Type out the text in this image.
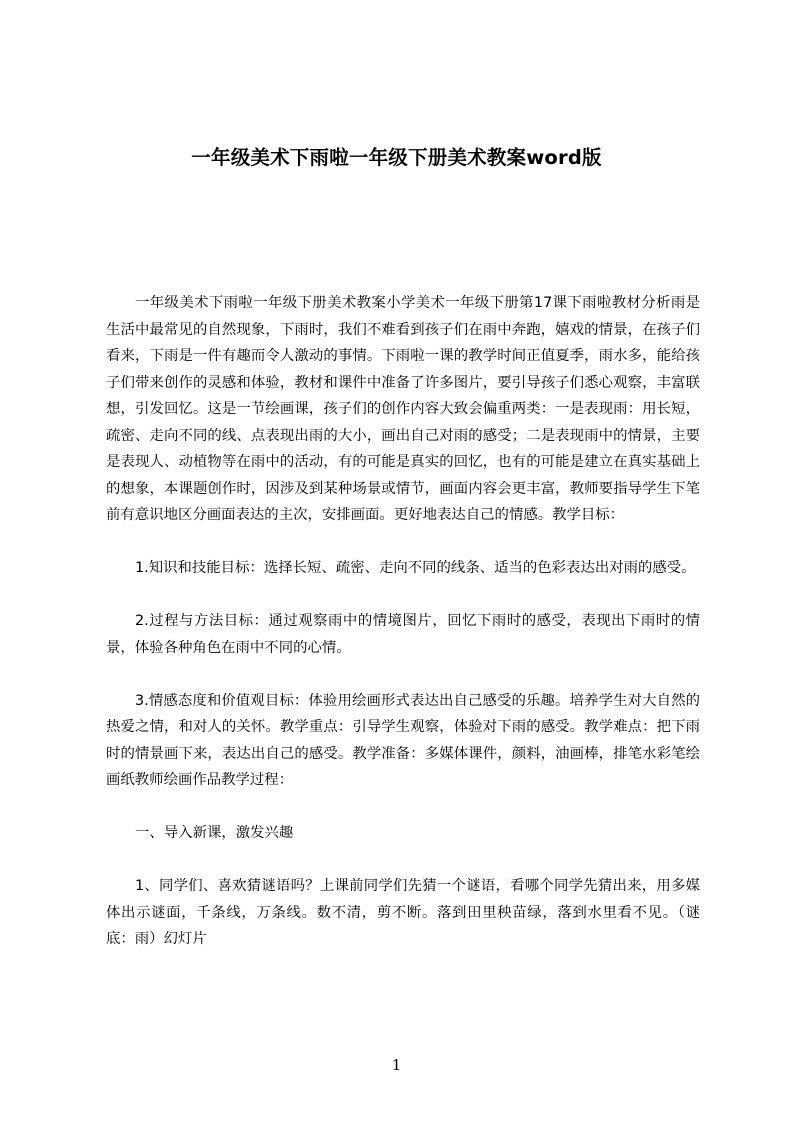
一年级美术下雨啦一年级下册美术教案word版

一年级美术下雨啦一年级下册美术教案小学美术一年级下册第17课下雨啦教材分析雨是生活中最常见的自然现象，下雨时，我们不难看到孩子们在雨中奔跑，嬉戏的情景，在孩子们看来，下雨是一件有趣而令人激动的事情。下雨啦一课的教学时间正值夏季，雨水多，能给孩子们带来创作的灵感和体验，教材和课件中准备了许多图片，要引导孩子们悉心观察，丰富联想，引发回忆。这是一节绘画课，孩子们的创作内容大致会偏重两类：一是表现雨：用长短，疏密、走向不同的线、点表现出雨的大小，画出自己对雨的感受；二是表现雨中的情景，主要是表现人、动植物等在雨中的活动，有的可能是真实的回忆，也有的可能是建立在真实基础上的想象，本课题创作时，因涉及到某种场景或情节，画面内容会更丰富，教师要指导学生下笔前有意识地区分画面表达的主次，安排画面。更好地表达自己的情感。教学目标：

1.知识和技能目标：选择长短、疏密、走向不同的线条、适当的色彩表达出对雨的感受。

2.过程与方法目标：通过观察雨中的情境图片，回忆下雨时的感受，表现出下雨时的情景，体验各种角色在雨中不同的心情。

3.情感态度和价值观目标：体验用绘画形式表达出自己感受的乐趣。培养学生对大自然的热爱之情，和对人的关怀。教学重点：引导学生观察，体验对下雨的感受。教学难点：把下雨时的情景画下来，表达出自己的感受。教学准备：多媒体课件，颜料，油画棒，排笔水彩笔绘画纸教师绘画作品教学过程：

一、导入新课，激发兴趣

1、同学们、喜欢猜谜语吗？上课前同学们先猜一个谜语，看哪个同学先猜出来，用多媒体出示谜面，千条线，万条线。数不清，剪不断。落到田里秧苗绿，落到水里看不见。（谜底：雨）幻灯片

1
